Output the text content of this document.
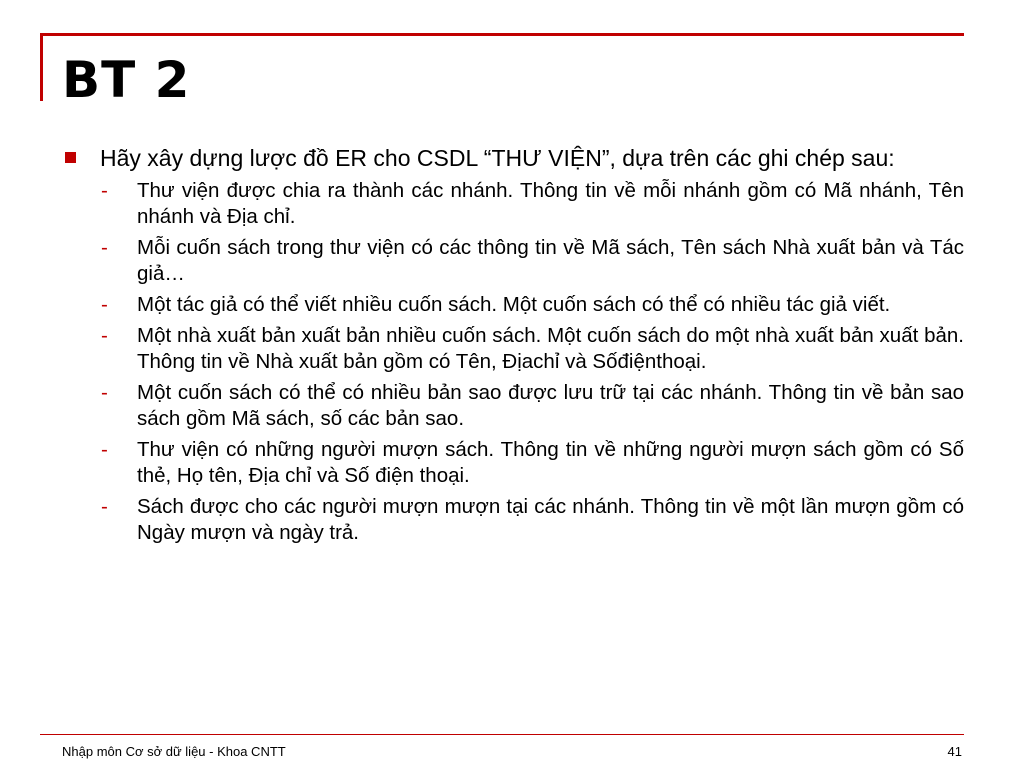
BT 2
Hãy xây dựng lược đồ ER cho CSDL “THƯ VIỆN”, dựa trên các ghi chép sau:
- Thư viện được chia ra thành các nhánh. Thông tin về mỗi nhánh gồm có Mã nhánh, Tên nhánh và Địa chỉ.
- Mỗi cuốn sách trong thư viện có các thông tin về Mã sách, Tên sách Nhà xuất bản và Tác giả…
- Một tác giả có thể viết nhiều cuốn sách. Một cuốn sách có thể có nhiều tác giả viết.
- Một nhà xuất bản xuất bản nhiều cuốn sách. Một cuốn sách do một nhà xuất bản xuất bản. Thông tin về Nhà xuất bản gồm có Tên, Địachỉ và Sốđiệnthoại.
- Một cuốn sách có thể có nhiều bản sao được lưu trữ tại các nhánh. Thông tin về bản sao sách gồm Mã sách, số các bản sao.
- Thư viện có những người mượn sách. Thông tin về những người mượn sách gồm có Số thẻ, Họ tên, Địa chỉ và Số điện thoại.
- Sách được cho các người mượn mượn tại các nhánh. Thông tin về một lần mượn gồm có Ngày mượn và ngày trả.
Nhập môn Cơ sở dữ liệu - Khoa CNTT	41
